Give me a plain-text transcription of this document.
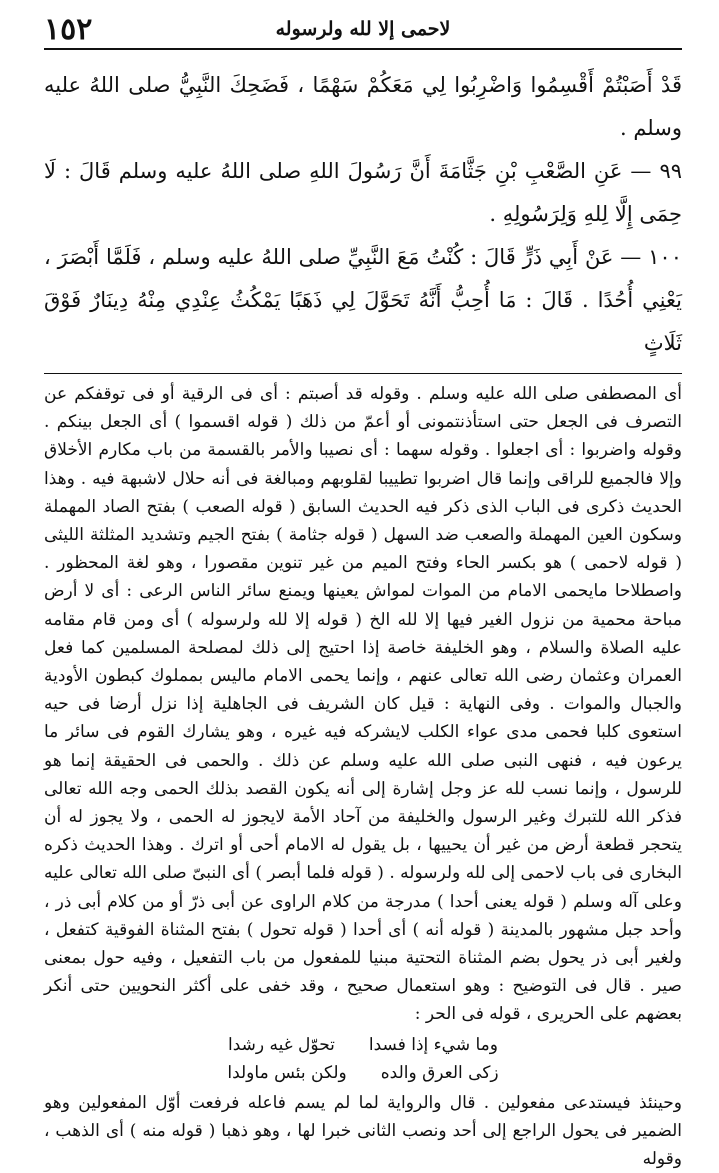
١٥٢	لاحمى إلا لله ولرسوله

قَدْ أَصَبْتُمْ أَقْسِمُوا وَاضْرِبُوا لِي مَعَكُمْ سَهْمًا ، فَضَحِكَ النَّبِيُّ صلى اللهُ عليه وسلم .

٩٩ — عَنِ الصَّعْبِ بْنِ جَثَّامَةَ أَنَّ رَسُولَ اللهِ صلى اللهُ عليه وسلم قَالَ : لَا حِمَى إِلَّا لِلهِ وَلِرَسُولِهِ .

١٠٠ — عَنْ أَبِي ذَرٍّ قَالَ : كُنْتُ مَعَ النَّبِيِّ صلى اللهُ عليه وسلم ، فَلَمَّا أَبْصَرَ ، يَعْنِي أُحُدًا . قَالَ : مَا أُحِبُّ أَنَّهُ تَحَوَّلَ لِي ذَهَبًا يَمْكُثُ عِنْدِي مِنْهُ دِينَارٌ فَوْقَ ثَلَاثٍ

أى المصطفى صلى الله عليه وسلم . وقوله قد أصبتم : أى فى الرقية أو فى توقفكم عن التصرف فى الجعل حتى استأذنتمونى أو أعمّ من ذلك ( قوله اقسموا ) أى الجعل بينكم . وقوله واضربوا : أى اجعلوا . وقوله سهما : أى نصيبا والأمر بالقسمة من باب مكارم الأخلاق وإلا فالجميع للراقى وإنما قال اضربوا تطييبا لقلوبهم ومبالغة فى أنه حلال لاشبهة فيه . وهذا الحديث ذكرى فى الباب الذى ذكر فيه الحديث السابق ( قوله الصعب ) بفتح الصاد المهملة وسكون العين المهملة والصعب ضد السهل ( قوله جثامة ) بفتح الجيم وتشديد المثلثة الليثى ( قوله لاحمى ) هو بكسر الحاء وفتح الميم من غير تنوين مقصورا ، وهو لغة المحظور . واصطلاحا مايحمى الامام من الموات لمواش يعينها ويمنع سائر الناس الرعى : أى لا أرض مباحة محمية من نزول الغير فيها إلا لله الخ ( قوله إلا لله ولرسوله ) أى ومن قام مقامه عليه الصلاة والسلام ، وهو الخليفة خاصة إذا احتيج إلى ذلك لمصلحة المسلمين كما فعل العمران وعثمان رضى الله تعالى عنهم ، وإنما يحمى الامام ماليس بمملوك كبطون الأودية والجبال والموات . وفى النهاية : قيل كان الشريف فى الجاهلية إذا نزل أرضا فى حيه استعوى كلبا فحمى مدى عواء الكلب لايشركه فيه غيره ، وهو يشارك القوم فى سائر ما يرعون فيه ، فنهى النبى صلى الله عليه وسلم عن ذلك . والحمى فى الحقيقة إنما هو للرسول ، وإنما نسب لله عز وجل إشارة إلى أنه يكون القصد بذلك الحمى وجه الله تعالى فذكر الله للتبرك وغير الرسول والخليفة من آحاد الأمة لايجوز له الحمى ، ولا يجوز له أن يتحجر قطعة أرض من غير أن يحييها ، بل يقول له الامام أحى أو اترك . وهذا الحديث ذكره البخارى فى باب لاحمى إلى لله ولرسوله . ( قوله فلما أبصر ) أى النبىّ صلى الله تعالى عليه وعلى آله وسلم ( قوله يعنى أحدا ) مدرجة من كلام الراوى عن أبى ذرّ أو من كلام أبى ذر ، وأحد جبل مشهور بالمدينة ( قوله أنه ) أى أحدا ( قوله تحول ) بفتح المثناة الفوقية كتفعل ، ولغير أبى ذر يحول بضم المثناة التحتية مبنيا للمفعول من باب التفعيل ، وفيه حول بمعنى صير . قال فى التوضيح : وهو استعمال صحيح ، وقد خفى على أكثر النحويين حتى أنكر بعضهم على الحريرى ، قوله فى الحر :

وما شيء إذا فسدا
تحوّل غيه رشدا
زكى العرق والده
ولكن بئس ماولدا

وحينئذ فيستدعى مفعولين . قال والرواية لما لم يسم فاعله فرفعت أوّل المفعولين وهو الضمير فى يحول الراجع إلى أحد ونصب الثانى خبرا لها ، وهو ذهبا ( قوله منه ) أى الذهب ، وقوله
